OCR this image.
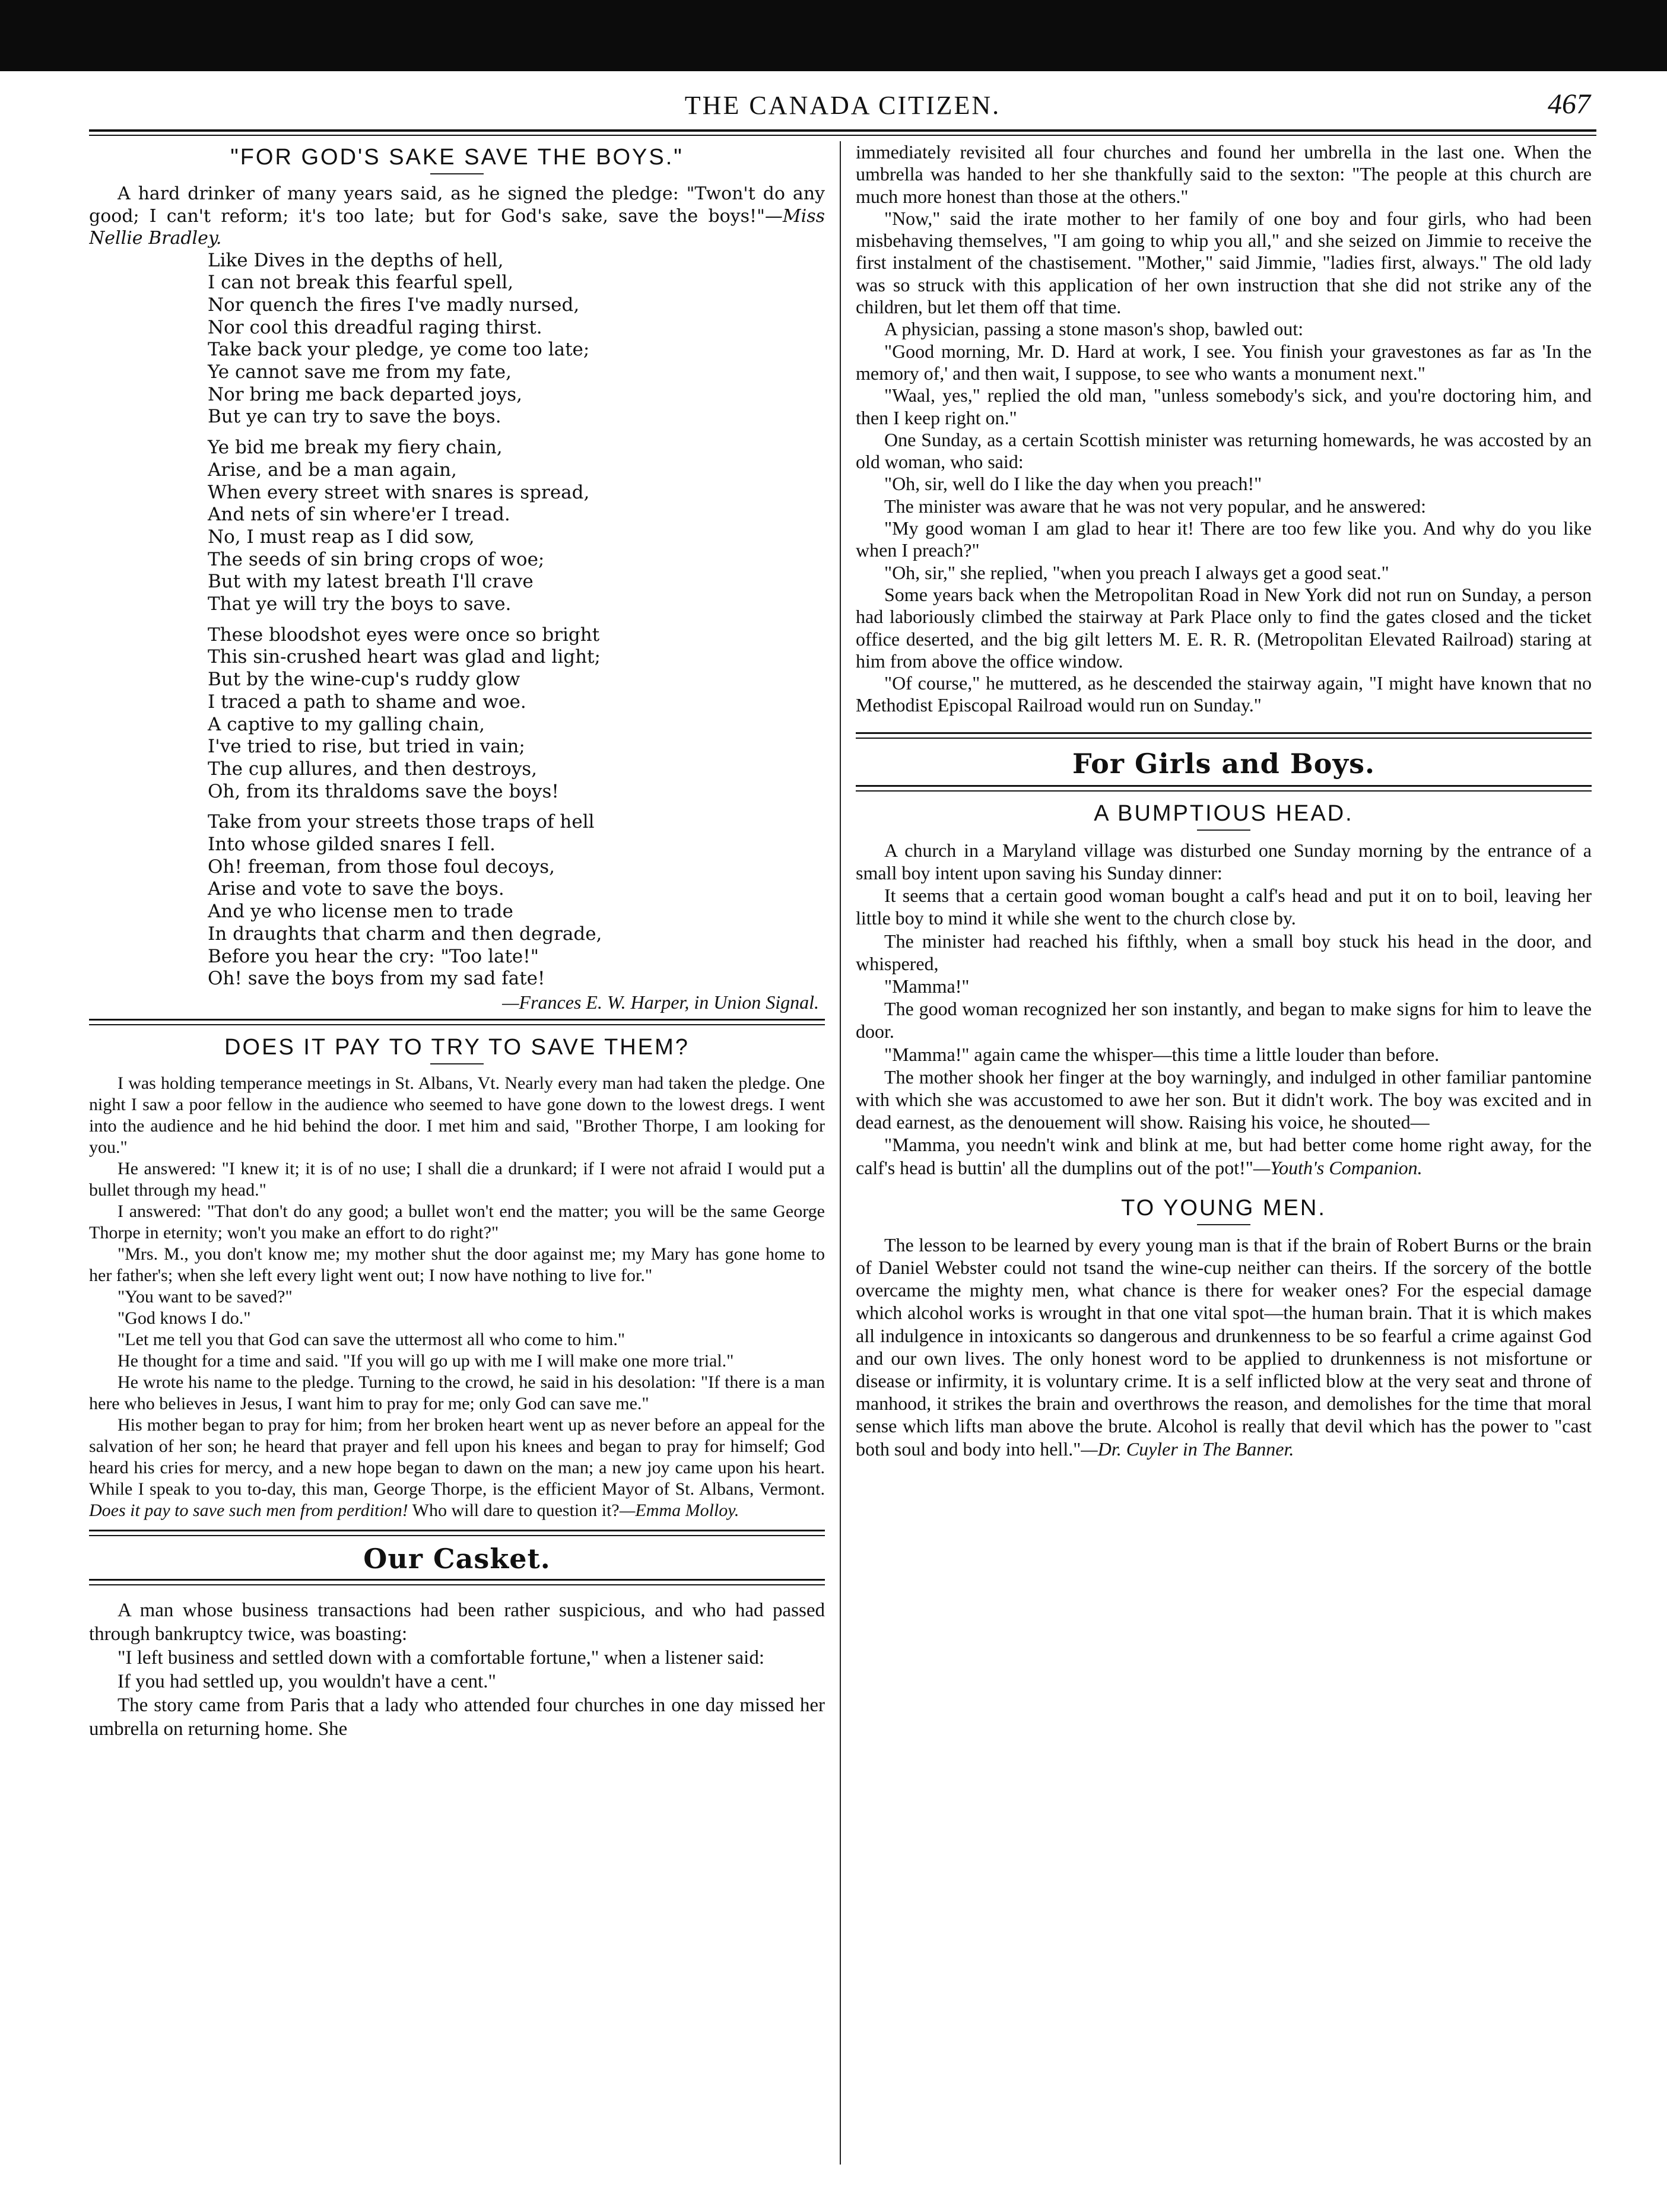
THE CANADA CITIZEN.	467
"FOR GOD'S SAKE SAVE THE BOYS."

A hard drinker of many years said, as he signed the pledge: "Twon't do any good; I can't reform; it's too late; but for God's sake, save the boys!"—Miss Nellie Bradley.

Like Dives in the depths of hell,
I can not break this fearful spell,
Nor quench the fires I've madly nursed,
Nor cool this dreadful raging thirst.
Take back your pledge, ye come too late;
Ye cannot save me from my fate,
Nor bring me back departed joys,
But ye can try to save the boys.
Ye bid me break my fiery chain,
Arise, and be a man again,
When every street with snares is spread,
And nets of sin where'er I tread.
No, I must reap as I did sow,
The seeds of sin bring crops of woe;
But with my latest breath I'll crave
That ye will try the boys to save.
These bloodshot eyes were once so bright
This sin-crushed heart was glad and light;
But by the wine-cup's ruddy glow
I traced a path to shame and woe.
A captive to my galling chain,
I've tried to rise, but tried in vain;
The cup allures, and then destroys,
Oh, from its thraldoms save the boys!
Take from your streets those traps of hell
Into whose gilded snares I fell.
Oh! freeman, from those foul decoys,
Arise and vote to save the boys.
And ye who license men to trade
In draughts that charm and then degrade,
Before you hear the cry: "Too late!"
Oh! save the boys from my sad fate!
—Frances E. W. Harper, in Union Signal.
DOES IT PAY TO TRY TO SAVE THEM?

I was holding temperance meetings in St. Albans, Vt. Nearly every man had taken the pledge. One night I saw a poor fellow in the audience who seemed to have gone down to the lowest dregs. I went into the audience and he hid behind the door. I met him and said, "Brother Thorpe, I am looking for you."

He answered: "I knew it; it is of no use; I shall die a drunkard; if I were not afraid I would put a bullet through my head."

I answered: "That don't do any good; a bullet won't end the matter; you will be the same George Thorpe in eternity; won't you make an effort to do right?"

"Mrs. M., you don't know me; my mother shut the door against me; my Mary has gone home to her father's; when she left every light went out; I now have nothing to live for."

"You want to be saved?"

"God knows I do."

"Let me tell you that God can save the uttermost all who come to him."

He thought for a time and said. "If you will go up with me I will make one more trial."

He wrote his name to the pledge. Turning to the crowd, he said in his desolation: "If there is a man here who believes in Jesus, I want him to pray for me; only God can save me."

His mother began to pray for him; from her broken heart went up as never before an appeal for the salvation of her son; he heard that prayer and fell upon his knees and began to pray for himself; God heard his cries for mercy, and a new hope began to dawn on the man; a new joy came upon his heart. While I speak to you to-day, this man, George Thorpe, is the efficient Mayor of St. Albans, Vermont. Does it pay to save such men from perdition! Who will dare to question it?—Emma Molloy.

Our Casket.

A man whose business transactions had been rather suspicious, and who had passed through bankruptcy twice, was boasting:

"I left business and settled down with a comfortable fortune," when a listener said:

If you had settled up, you wouldn't have a cent."

The story came from Paris that a lady who attended four churches in one day missed her umbrella on returning home. She

immediately revisited all four churches and found her umbrella in the last one. When the umbrella was handed to her she thankfully said to the sexton: "The people at this church are much more honest than those at the others."

"Now," said the irate mother to her family of one boy and four girls, who had been misbehaving themselves, "I am going to whip you all," and she seized on Jimmie to receive the first instalment of the chastisement. "Mother," said Jimmie, "ladies first, always." The old lady was so struck with this application of her own instruction that she did not strike any of the children, but let them off that time.

A physician, passing a stone mason's shop, bawled out:

"Good morning, Mr. D. Hard at work, I see. You finish your gravestones as far as 'In the memory of,' and then wait, I suppose, to see who wants a monument next."

"Waal, yes," replied the old man, "unless somebody's sick, and you're doctoring him, and then I keep right on."

One Sunday, as a certain Scottish minister was returning homewards, he was accosted by an old woman, who said:

"Oh, sir, well do I like the day when you preach!"

The minister was aware that he was not very popular, and he answered:

"My good woman I am glad to hear it! There are too few like you. And why do you like when I preach?"

"Oh, sir," she replied, "when you preach I always get a good seat."

Some years back when the Metropolitan Road in New York did not run on Sunday, a person had laboriously climbed the stairway at Park Place only to find the gates closed and the ticket office deserted, and the big gilt letters M. E. R. R. (Metropolitan Elevated Railroad) staring at him from above the office window.

"Of course," he muttered, as he descended the stairway again, "I might have known that no Methodist Episcopal Railroad would run on Sunday."

For Girls and Boys.
A BUMPTIOUS HEAD.

A church in a Maryland village was disturbed one Sunday morning by the entrance of a small boy intent upon saving his Sunday dinner:

It seems that a certain good woman bought a calf's head and put it on to boil, leaving her little boy to mind it while she went to the church close by.

The minister had reached his fifthly, when a small boy stuck his head in the door, and whispered,

"Mamma!"

The good woman recognized her son instantly, and began to make signs for him to leave the door.

"Mamma!" again came the whisper—this time a little louder than before.

The mother shook her finger at the boy warningly, and indulged in other familiar pantomine with which she was accustomed to awe her son. But it didn't work. The boy was excited and in dead earnest, as the denouement will show. Raising his voice, he shouted—

"Mamma, you needn't wink and blink at me, but had better come home right away, for the calf's head is buttin' all the dumplins out of the pot!"—Youth's Companion.

TO YOUNG MEN.

The lesson to be learned by every young man is that if the brain of Robert Burns or the brain of Daniel Webster could not tsand the wine-cup neither can theirs. If the sorcery of the bottle overcame the mighty men, what chance is there for weaker ones? For the especial damage which alcohol works is wrought in that one vital spot—the human brain. That it is which makes all indulgence in intoxicants so dangerous and drunkenness to be so fearful a crime against God and our own lives. The only honest word to be applied to drunkenness is not misfortune or disease or infirmity, it is voluntary crime. It is a self inflicted blow at the very seat and throne of manhood, it strikes the brain and overthrows the reason, and demolishes for the time that moral sense which lifts man above the brute. Alcohol is really that devil which has the power to "cast both soul and body into hell."—Dr. Cuyler in The Banner.
